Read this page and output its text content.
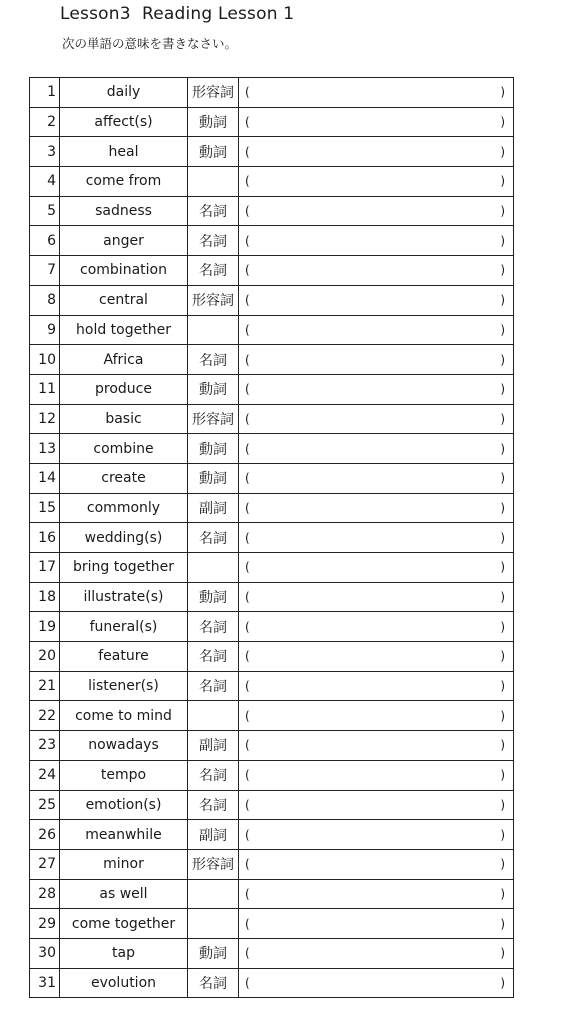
Lesson3  Reading Lesson 1
次の単語の意味を書きなさい。
1	daily	形容詞	( )

2	affect(s)	動詞	( )

3	heal	動詞	( )

4	come from		( )

5	sadness	名詞	( )

6	anger	名詞	( )

7	combination	名詞	( )

8	central	形容詞	( )

9	hold together		( )

10	Africa	名詞	( )

11	produce	動詞	( )

12	basic	形容詞	( )

13	combine	動詞	( )

14	create	動詞	( )

15	commonly	副詞	( )

16	wedding(s)	名詞	( )

17	bring together		( )

18	illustrate(s)	動詞	( )

19	funeral(s)	名詞	( )

20	feature	名詞	( )

21	listener(s)	名詞	( )

22	come to mind		( )

23	nowadays	副詞	( )

24	tempo	名詞	( )

25	emotion(s)	名詞	( )

26	meanwhile	副詞	( )

27	minor	形容詞	( )

28	as well		( )

29	come together		( )

30	tap	動詞	( )

31	evolution	名詞	( )
